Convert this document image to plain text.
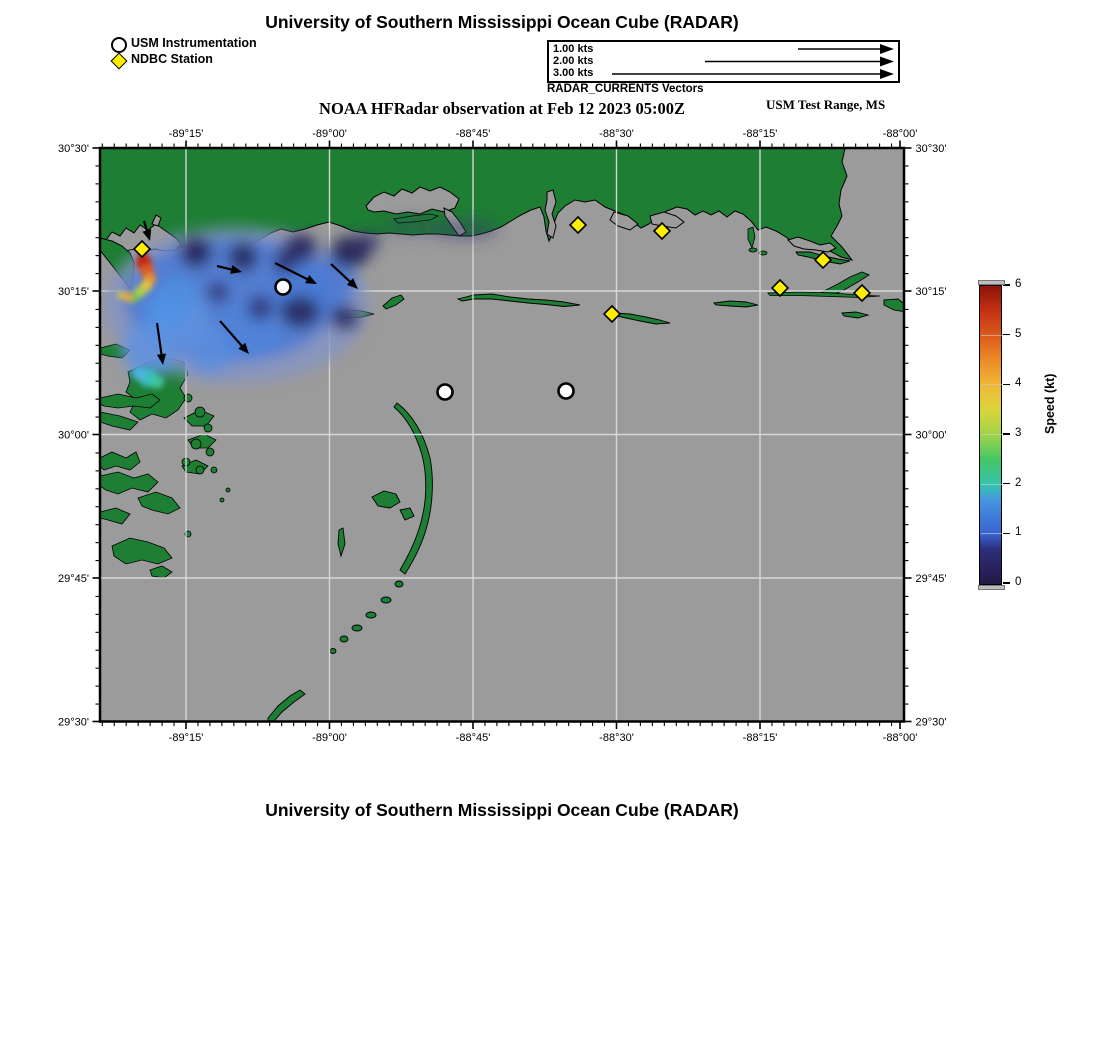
University of Southern Mississippi Ocean Cube (RADAR)
USM Instrumentation
NDBC Station
1.00 kts
2.00 kts
3.00 kts
RADAR_CURRENTS Vectors
NOAA HFRadar observation at Feb 12 2023 05:00Z	USM Test Range, MS
-89°15'
-89°15'
-89°00'
-89°00'
-88°45'
-88°45'
-88°30'
-88°30'
-88°15'
-88°15'
-88°00'
-88°00'
30°30'	30°30'
30°15'	30°15'
30°00'	30°00'
29°45'	29°45'
29°30'	29°30'
0
1
2
3
4
5
6
Speed (kt)
University of Southern Mississippi Ocean Cube (RADAR)
